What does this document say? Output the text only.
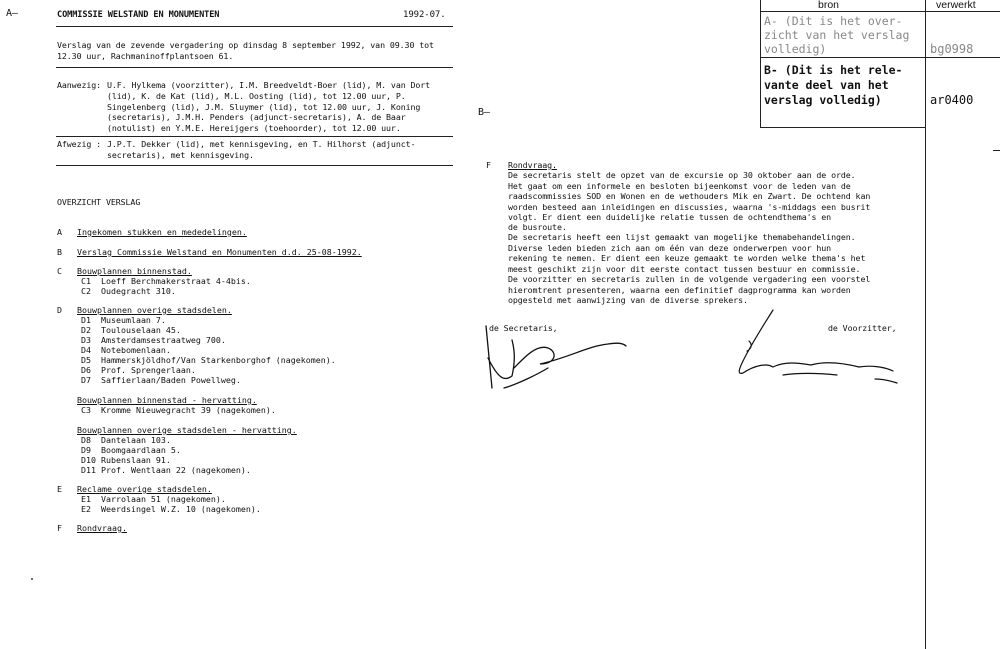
A—	COMMISSIE WELSTAND EN MONUMENTEN	1992-07.
Verslag van de zevende vergadering op dinsdag 8 september 1992, van 09.30 tot
12.30 uur, Rachmaninoffplantsoen 61.
Aanwezig: U.F. Hylkema (voorzitter), I.M. Breedveldt-Boer (lid), M. van Dort
(lid), K. de Kat (lid), M.L. Oosting (lid), tot 12.00 uur, P.
Singelenberg (lid), J.M. Sluymer (lid), tot 12.00 uur, J. Koning
(secretaris), J.M.H. Penders (adjunct-secretaris), A. de Baar
(notulist) en Y.M.E. Hereijgers (toehoorder), tot 12.00 uur.
Afwezig : J.P.T. Dekker (lid), met kennisgeving, en T. Hilhorst (adjunct-
secretaris), met kennisgeving.
OVERZICHT VERSLAG
A Ingekomen stukken en mededelingen.
B Verslag Commissie Welstand en Monumenten d.d. 25-08-1992.
C Bouwplannen binnenstad.
C1  Loeff Berchmakerstraat 4-4bis.
C2  Oudegracht 310.
D Bouwplannen overige stadsdelen.
D1  Museumlaan 7.
D2  Toulouselaan 45.
D3  Amsterdamsestraatweg 700.
D4  Notebomenlaan.
D5  Hammerskjöldhof/Van Starkenborghof (nagekomen).
D6  Prof. Sprengerlaan.
D7  Saffierlaan/Baden Powellweg.
Bouwplannen binnenstad - hervatting.
C3  Kromme Nieuwegracht 39 (nagekomen).
Bouwplannen overige stadsdelen - hervatting.
D8  Dantelaan 103.
D9  Boomgaardlaan 5.
D10 Rubenslaan 91.
D11 Prof. Wentlaan 22 (nagekomen).
E Reclame overige stadsdelen.
E1  Varrolaan 51 (nagekomen).
E2  Weerdsingel W.Z. 10 (nagekomen).
F Rondvraag.
B—
F Rondvraag.
De secretaris stelt de opzet van de excursie op 30 oktober aan de orde.
Het gaat om een informele en besloten bijeenkomst voor de leden van de
raadscommissies SOD en Wonen en de wethouders Mik en Zwart. De ochtend kan
worden besteed aan inleidingen en discussies, waarna 's-middags een busrit
volgt. Er dient een duidelijke relatie tussen de ochtendthema's en
de busroute.
De secretaris heeft een lijst gemaakt van mogelijke themabehandelingen.
Diverse leden bieden zich aan om één van deze onderwerpen voor hun
rekening te nemen. Er dient een keuze gemaakt te worden welke thema's het
meest geschikt zijn voor dit eerste contact tussen bestuur en commissie.
De voorzitter en secretaris zullen in de volgende vergadering een voorstel
hieromtrent presenteren, waarna een definitief dagprogramma kan worden
opgesteld met aanwijzing van de diverse sprekers.
de Secretaris,	de Voorzitter,
bron	verwerkt
A- (Dit is het over-
zicht van het verslag
volledig)	bg0998
B- (Dit is het rele-
vante deel van het
verslag volledig)	ar0400
